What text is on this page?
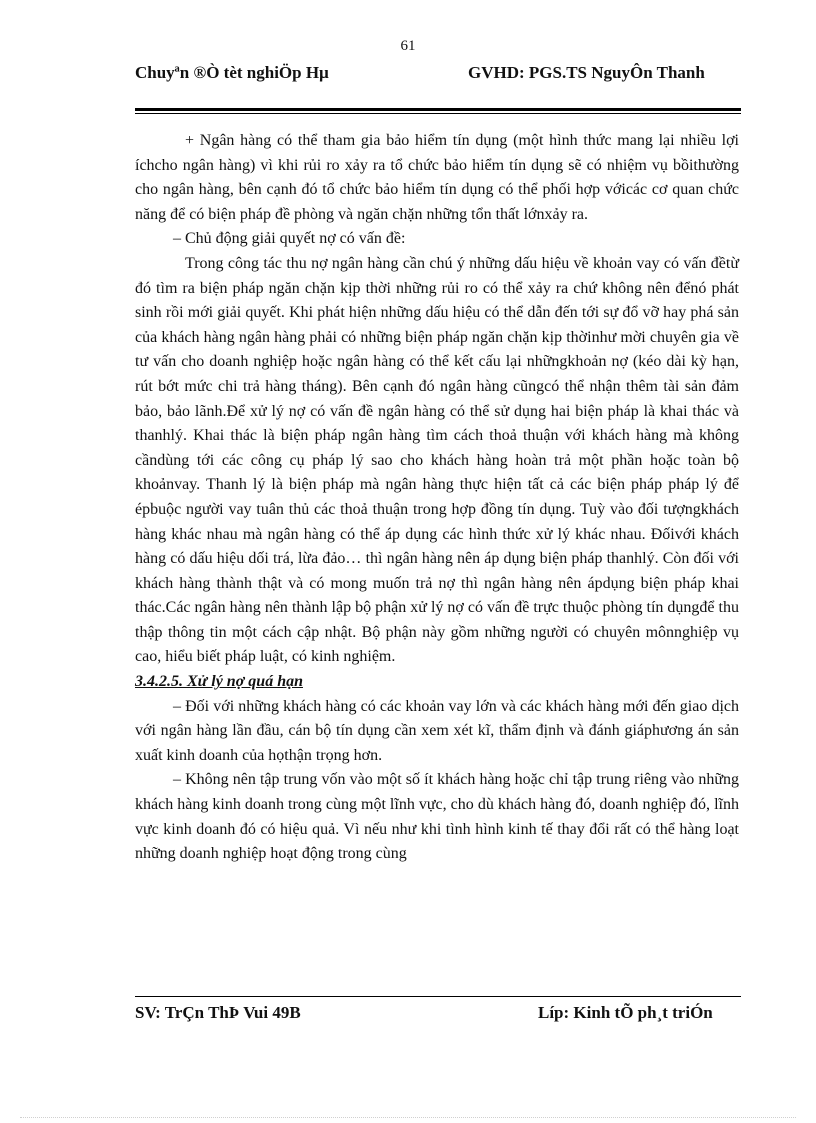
61
Chuyªn ®Ò tèt nghiÖp Hµ	GVHD: PGS.TS NguyÔn Thanh

+ Ngân hàng có thể tham gia bảo hiểm tín dụng (một hình thức mang lại nhiều lợi íchcho ngân hàng) vì khi rủi ro xảy ra tổ chức bảo hiểm tín dụng sẽ có nhiệm vụ bồithường cho ngân hàng, bên cạnh đó tổ chức bảo hiểm tín dụng có thể phối hợp vớicác cơ quan chức năng để có biện pháp đề phòng và ngăn chặn những tổn thất lớnxảy ra.

– Chủ động giải quyết nợ có vấn đề:

Trong công tác thu nợ ngân hàng cần chú ý những dấu hiệu về khoản vay có vấn đềtừ đó tìm ra biện pháp ngăn chặn kịp thời những rủi ro có thể xảy ra chứ không nên đểnó phát sinh rồi mới giải quyết. Khi phát hiện những dấu hiệu có thể dẫn đến tới sự đổ vỡ hay phá sản của khách hàng ngân hàng phải có những biện pháp ngăn chặn kịp thờinhư mời chuyên gia về tư vấn cho doanh nghiệp hoặc ngân hàng có thể kết cấu lại nhữngkhoản nợ (kéo dài kỳ hạn, rút bớt mức chi trả hàng tháng). Bên cạnh đó ngân hàng cũngcó thể nhận thêm tài sản đảm bảo, bảo lãnh.Để xử lý nợ có vấn đề ngân hàng có thể sử dụng hai biện pháp là khai thác và thanhlý. Khai thác là biện pháp ngân hàng tìm cách thoả thuận với khách hàng mà không cầndùng tới các công cụ pháp lý sao cho khách hàng hoàn trả một phần hoặc toàn bộ khoảnvay. Thanh lý là biện pháp mà ngân hàng thực hiện tất cả các biện pháp pháp lý để épbuộc người vay tuân thủ các thoả thuận trong hợp đồng tín dụng. Tuỳ vào đối tượngkhách hàng khác nhau mà ngân hàng có thể áp dụng các hình thức xử lý khác nhau. Đốivới khách hàng có dấu hiệu dối trá, lừa đảo… thì ngân hàng nên áp dụng biện pháp thanhlý. Còn đối với khách hàng thành thật và có mong muốn trả nợ thì ngân hàng nên ápdụng biện pháp khai thác.Các ngân hàng nên thành lập bộ phận xử lý nợ có vấn đề trực thuộc phòng tín dụngđể thu thập thông tin một cách cập nhật. Bộ phận này gồm những người có chuyên mônnghiệp vụ cao, hiểu biết pháp luật, có kinh nghiệm.

3.4.2.5. Xử lý nợ quá hạn

– Đối với những khách hàng có các khoản vay lớn và các khách hàng mới đến giao dịch với ngân hàng lần đầu, cán bộ tín dụng cần xem xét kĩ, thẩm định và đánh giáphương án sản xuất kinh doanh của họthận trọng hơn.

– Không nên tập trung vốn vào một số ít khách hàng hoặc chỉ tập trung riêng vào những khách hàng kinh doanh trong cùng một lĩnh vực, cho dù khách hàng đó, doanh nghiệp đó, lĩnh vực kinh doanh đó có hiệu quả. Vì nếu như khi tình hình kinh tế thay đổi rất có thể hàng loạt những doanh nghiệp hoạt động trong cùng

SV: TrÇn ThÞ Vui 49B	Líp: Kinh tÕ ph¸t triÓn
